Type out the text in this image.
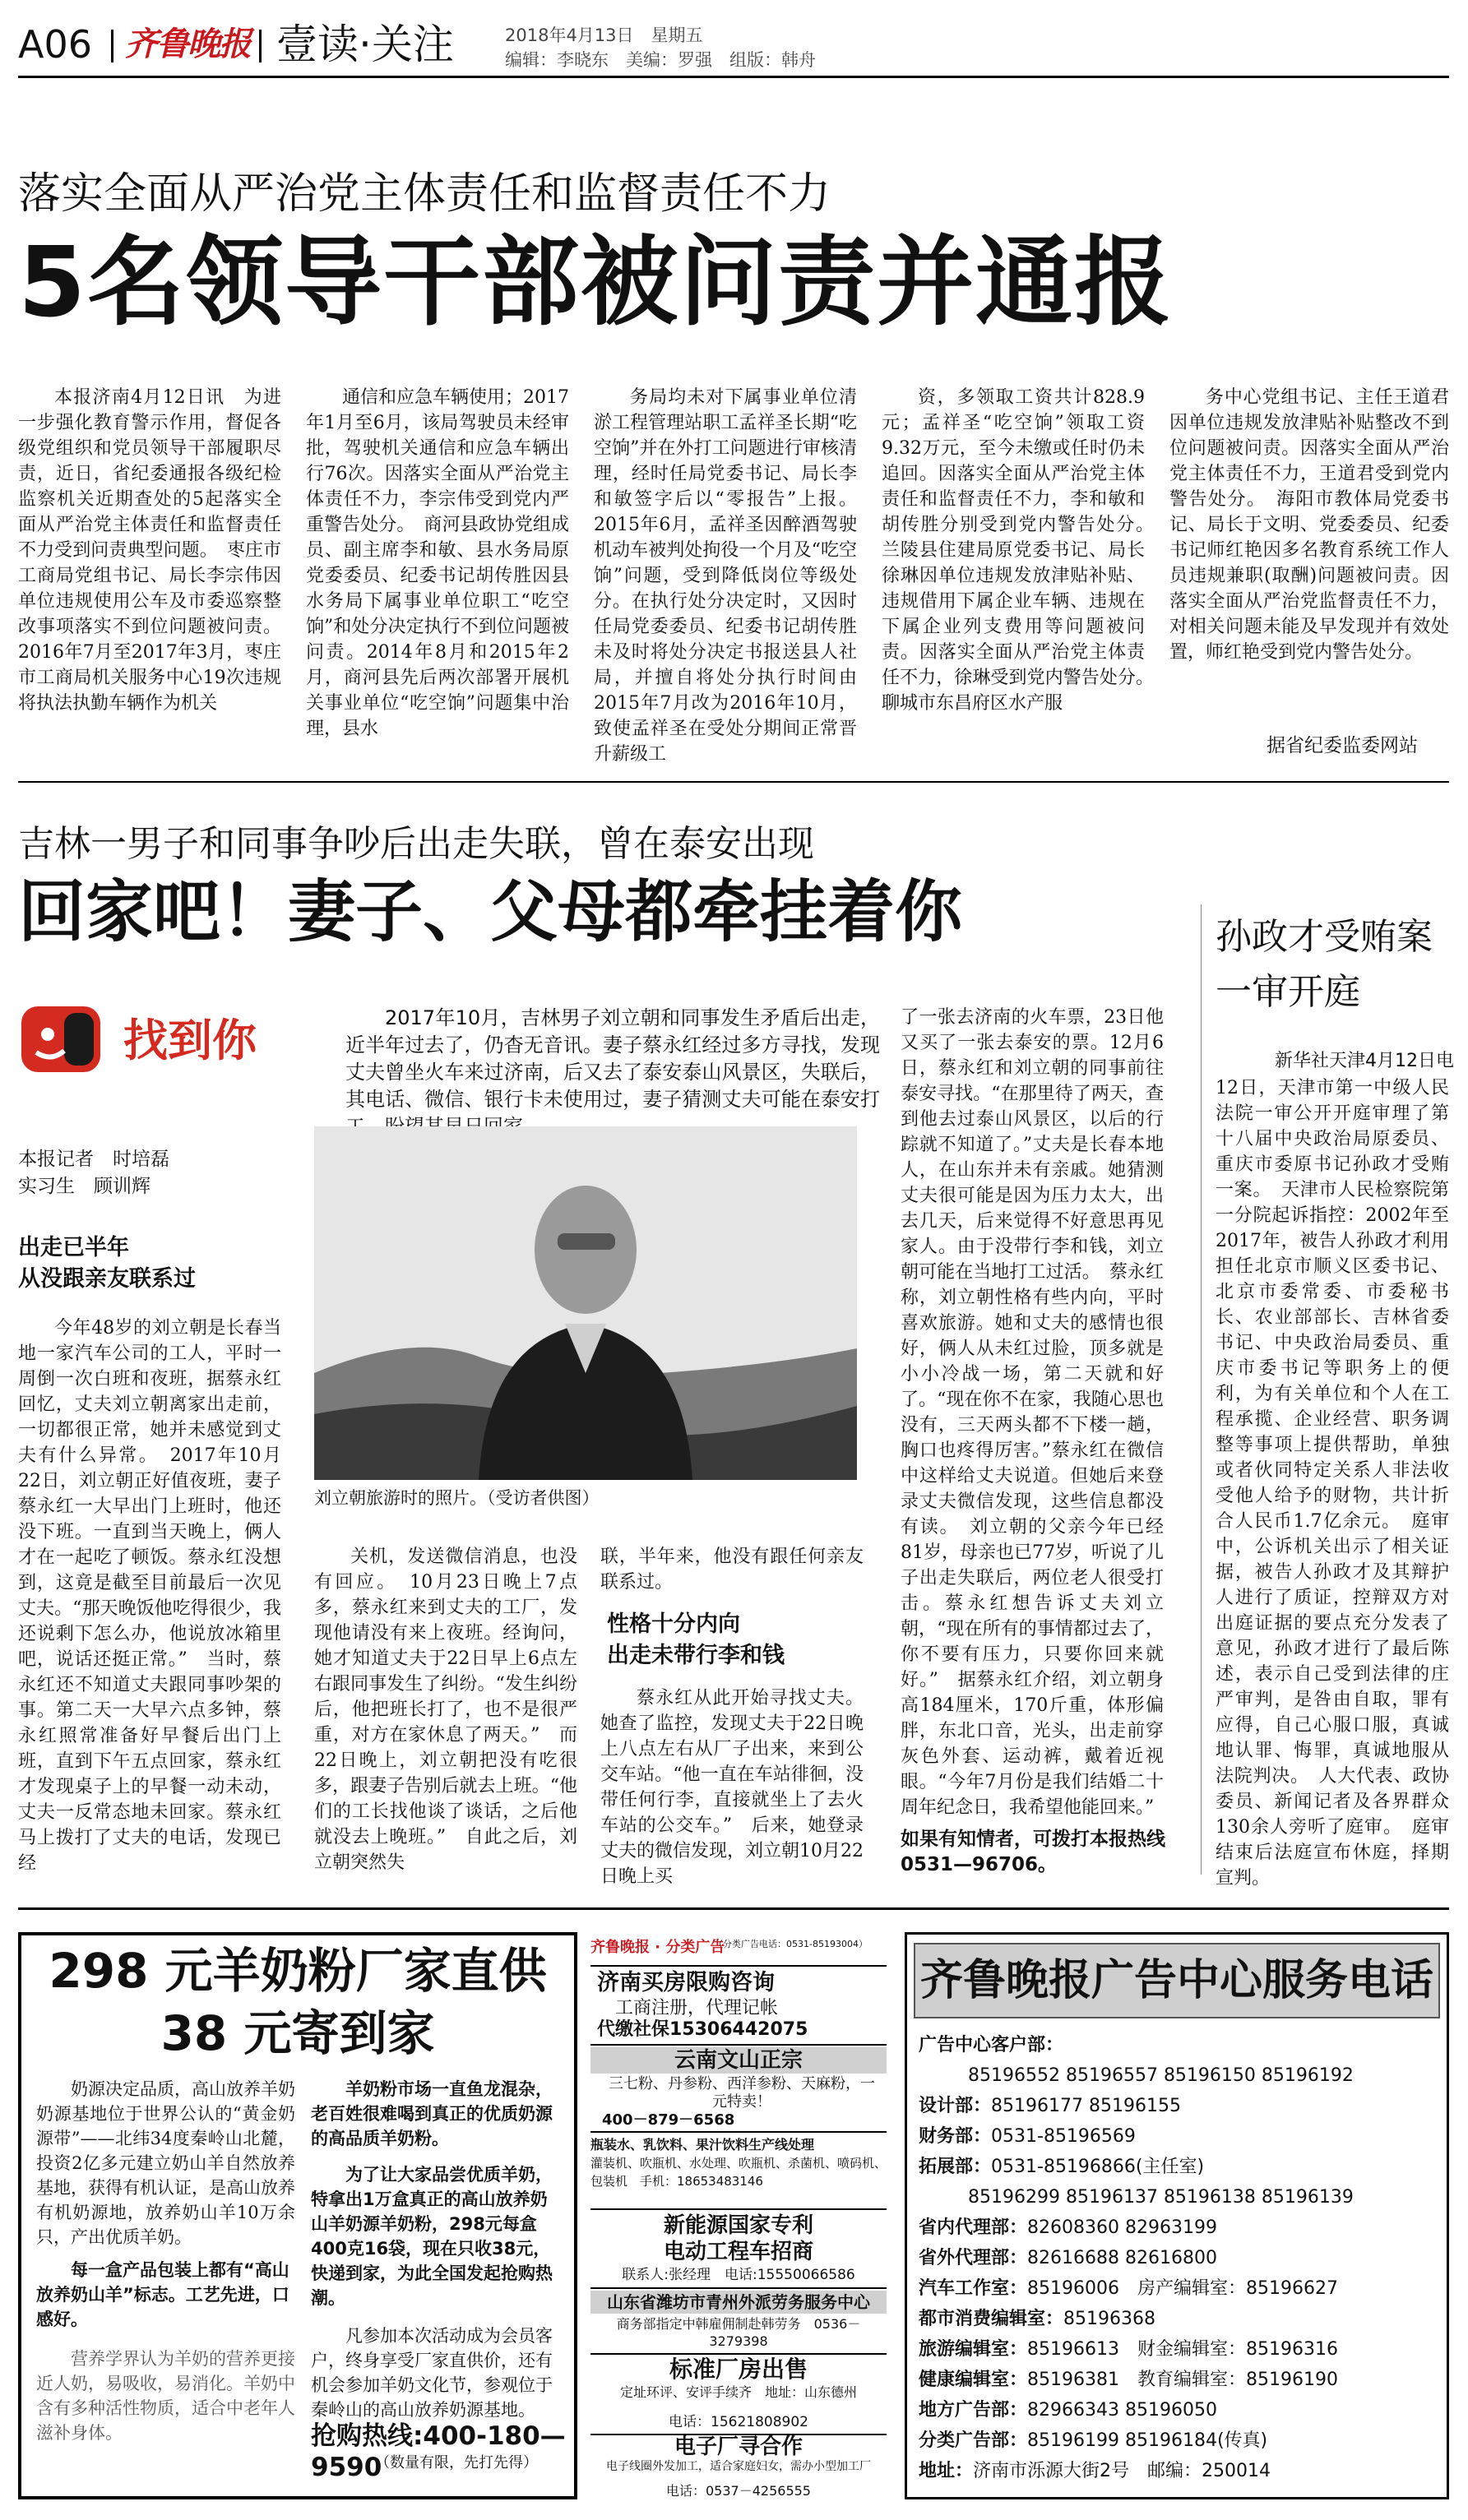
A06 齐鲁晚报 壹读·关注	2018年4月13日　星期五
编辑：李晓东　美编：罗强　组版：韩舟
落实全面从严治党主体责任和监督责任不力
5名领导干部被问责并通报
本报济南4月12日讯　为进一步强化教育警示作用，督促各级党组织和党员领导干部履职尽责，近日，省纪委通报各级纪检监察机关近期查处的5起落实全面从严治党主体责任和监督责任不力受到问责典型问题。　枣庄市工商局党组书记、局长李宗伟因单位违规使用公车及市委巡察整改事项落实不到位问题被问责。2016年7月至2017年3月，枣庄市工商局机关服务中心19次违规将执法执勤车辆作为机关
通信和应急车辆使用；2017年1月至6月，该局驾驶员未经审批，驾驶机关通信和应急车辆出行76次。因落实全面从严治党主体责任不力，李宗伟受到党内严重警告处分。　商河县政协党组成员、副主席李和敏、县水务局原党委委员、纪委书记胡传胜因县水务局下属事业单位职工“吃空饷”和处分决定执行不到位问题被问责。2014年8月和2015年2月，商河县先后两次部署开展机关事业单位“吃空饷”问题集中治理，县水
务局均未对下属事业单位清淤工程管理站职工孟祥圣长期“吃空饷”并在外打工问题进行审核清理，经时任局党委书记、局长李和敏签字后以“零报告”上报。2015年6月，孟祥圣因醉酒驾驶机动车被判处拘役一个月及“吃空饷”问题，受到降低岗位等级处分。在执行处分决定时，又因时任局党委委员、纪委书记胡传胜未及时将处分决定书报送县人社局，并擅自将处分执行时间由2015年7月改为2016年10月，致使孟祥圣在受处分期间正常晋升薪级工
资，多领取工资共计828.9元；孟祥圣“吃空饷”领取工资9.32万元，至今未缴或任时仍未追回。因落实全面从严治党主体责任和监督责任不力，李和敏和胡传胜分别受到党内警告处分。　兰陵县住建局原党委书记、局长徐琳因单位违规发放津贴补贴、违规借用下属企业车辆、违规在下属企业列支费用等问题被问责。因落实全面从严治党主体责任不力，徐琳受到党内警告处分。　聊城市东昌府区水产服
务中心党组书记、主任王道君因单位违规发放津贴补贴整改不到位问题被问责。因落实全面从严治党主体责任不力，王道君受到党内警告处分。　海阳市教体局党委书记、局长于文明、党委委员、纪委书记师红艳因多名教育系统工作人员违规兼职(取酬)问题被问责。因落实全面从严治党监督责任不力，对相关问题未能及早发现并有效处置，师红艳受到党内警告处分。
据省纪委监委网站
吉林一男子和同事争吵后出走失联，曾在泰安出现
回家吧！妻子、父母都牵挂着你
找到你	2017年10月，吉林男子刘立朝和同事发生矛盾后出走，近半年过去了，仍杳无音讯。妻子蔡永红经过多方寻找，发现丈夫曾坐火车来过济南，后又去了泰安泰山风景区，失联后，其电话、微信、银行卡未使用过，妻子猜测丈夫可能在泰安打
本报记者　时培磊
实习生　顾训辉
出走已半年
从没跟亲友联系过
今年48岁的刘立朝是长春当地一家汽车公司的工人，平时一周倒一次白班和夜班，据蔡永红回忆，丈夫刘立朝离家出走前，一切都很正常，她并未感觉到丈夫有什么异常。　2017年10月22日，刘立朝正好值夜班，妻子蔡永红一大早出门上班时，他还没下班。一直到当天晚上，俩人才在一起吃了顿饭。蔡永红没想到，这竟是截至目前最后一次见丈夫。“那天晚饭他吃得很少，我还说剩下怎么办，他说放冰箱里吧，说话还挺正常。”　当时，蔡永红还不知道丈夫跟同事吵架的事。第二天一大早六点多钟，蔡永红照常准备好早餐后出门上班，直到下午五点回家，蔡永红才发现桌子上的早餐一动未动，丈夫一反常态地未回家。蔡永红马上拨打了丈夫的电话，发现已经
刘立朝旅游时的照片。（受访者供图）
关机，发送微信消息，也没有回应。　10月23日晚上7点多，蔡永红来到丈夫的工厂，发现他请没有来上夜班。经询问，她才知道丈夫于22日早上6点左右跟同事发生了纠纷。“发生纠纷后，他把班长打了，也不是很严重，对方在家休息了两天。”　而22日晚上，刘立朝把没有吃很多，跟妻子告别后就去上班。“他们的工长找他谈了谈话，之后他就没去上晚班。”　自此之后，刘立朝突然失
联，半年来，他没有跟任何亲友联系过。
性格十分内向
出走未带行李和钱
蔡永红从此开始寻找丈夫。她查了监控，发现丈夫于22日晚上八点左右从厂子出来，来到公交车站。“他一直在车站徘徊，没带任何行李，直接就坐上了去火车站的公交车。”　后来，她登录丈夫的微信发现，刘立朝10月22日晚上买
了一张去济南的火车票，23日他又买了一张去泰安的票。12月6日，蔡永红和刘立朝的同事前往泰安寻找。“在那里待了两天，查到他去过泰山风景区，以后的行踪就不知道了。”丈夫是长春本地人，在山东并未有亲戚。她猜测丈夫很可能是因为压力太大，出去几天，后来觉得不好意思再见家人。由于没带行李和钱，刘立朝可能在当地打工过活。　蔡永红称，刘立朝性格有些内向，平时喜欢旅游。她和丈夫的感情也很好，俩人从未红过脸，顶多就是小小冷战一场，第二天就和好了。“现在你不在家，我随心思也没有，三天两头都不下楼一趟，胸口也疼得厉害。”蔡永红在微信中这样给丈夫说道。但她后来登录丈夫微信发现，这些信息都没有读。　刘立朝的父亲今年已经81岁，母亲也已77岁，听说了儿子出走失联后，两位老人很受打击。蔡永红想告诉丈夫刘立朝，“现在所有的事情都过去了，你不要有压力，只要你回来就好。”　据蔡永红介绍，刘立朝身高184厘米，170斤重，体形偏胖，东北口音，光头，出走前穿灰色外套、运动裤，戴着近视眼。“今年7月份是我们结婚二十周年纪念日，我希望他能回来。”
如果有知情者，可拨打本报热线0531—96706。
孙政才受贿案
一审开庭
新华社天津4月12日电
12日，天津市第一中级人民法院一审公开开庭审理了第十八届中央政治局原委员、重庆市委原书记孙政才受贿一案。　天津市人民检察院第一分院起诉指控：2002年至2017年，被告人孙政才利用担任北京市顺义区委书记、北京市委常委、市委秘书长、农业部部长、吉林省委书记、中央政治局委员、重庆市委书记等职务上的便利，为有关单位和个人在工程承揽、企业经营、职务调整等事项上提供帮助，单独或者伙同特定关系人非法收受他人给予的财物，共计折合人民币1.7亿余元。　庭审中，公诉机关出示了相关证据，被告人孙政才及其辩护人进行了质证，控辩双方对出庭证据的要点充分发表了意见，孙政才进行了最后陈述，表示自己受到法律的庄严审判，是咎由自取，罪有应得，自己心服口服，真诚地认罪、悔罪，真诚地服从法院判决。　人大代表、政协委员、新闻记者及各界群众130余人旁听了庭审。　庭审结束后法庭宣布休庭，择期宣判。
298 元羊奶粉厂家直供
38 元寄到家
奶源决定品质，高山放养羊奶奶源基地位于世界公认的“黄金奶源带”——北纬34度秦岭山北麓，投资2亿多元建立奶山羊自然放养基地，获得有机认证，是高山放养有机奶源地，放养奶山羊10万余只，产出优质羊奶。
每一盒产品包装上都有“高山放养奶山羊”标志。工艺先进，口感好。
营养学界认为羊奶的营养更接近人奶，易吸收，易消化。羊奶中含有多种活性物质，适合中老年人滋补身体。
羊奶粉市场一直鱼龙混杂，老百姓很难喝到真正的优质奶源的高品质羊奶粉。
为了让大家品尝优质羊奶，特拿出1万盒真正的高山放养奶山羊奶源羊奶粉，298元每盒400克16袋，现在只收38元，快递到家，为此全国发起抢购热潮。
凡参加本次活动成为会员客户，终身享受厂家直供价，还有机会参加羊奶文化节，参观位于秦岭山的高山放养奶源基地。
抢购热线:400-180—9590
（数量有限，先打先得）
齐鲁晚报 · 分类广告
（分类广告电话：0531-85193004）
济南买房限购咨询
工商注册，代理记帐
代缴社保15306442075
云南文山正宗
三七粉、丹参粉、西洋参粉、天麻粉，一元特卖！
400－879－6568
瓶装水、乳饮料、果汁饮料生产线处理
灌装机、吹瓶机、水处理、吹瓶机、杀菌机、喷码机、包装机　手机：18653483146
新能源国家专利
电动工程车招商
联系人:张经理　电话:15550066586
山东省潍坊市青州外派劳务服务中心
商务部指定中韩雇佣制赴韩劳务　0536－3279398
标准厂房出售
定址环评、安评手续齐　地址：山东德州
电话：15621808902
电子厂寻合作
电子线圈外发加工，适合家庭妇女，需办小型加工厂
电话：0537－4256555
齐鲁晚报广告中心服务电话
广告中心客户部：
85196552 85196557 85196150 85196192
设计部：85196177 85196155
财务部：0531-85196569
拓展部：0531-85196866(主任室)
85196299 85196137 85196138 85196139
省内代理部：82608360 82963199
省外代理部：82616688 82616800
汽车工作室：85196006　房产编辑室：85196627
都市消费编辑室：85196368
旅游编辑室：85196613　财金编辑室：85196316
健康编辑室：85196381　教育编辑室：85196190
地方广告部：82966343 85196050
分类广告部：85196199 85196184(传真)
地址：济南市泺源大街2号　邮编：250014
